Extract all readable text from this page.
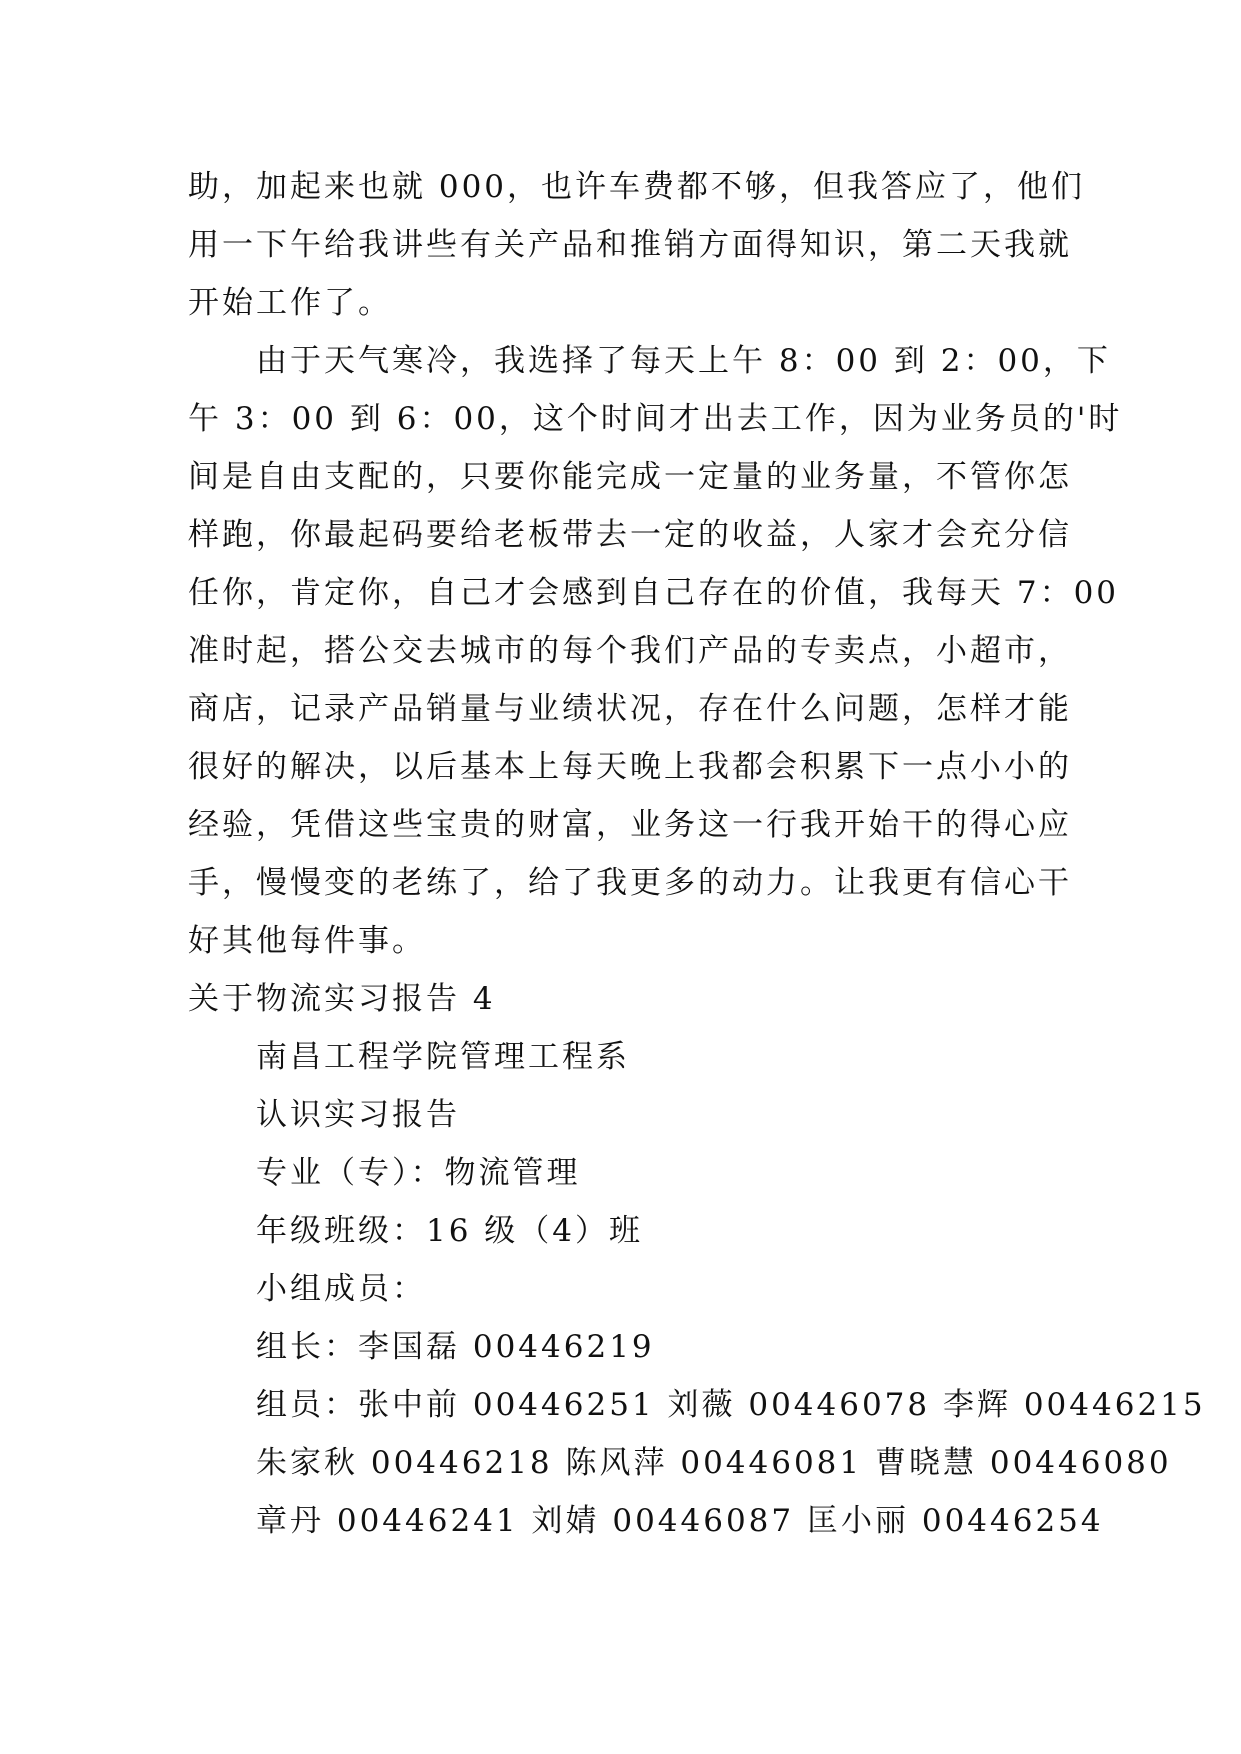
助，加起来也就 000，也许车费都不够，但我答应了，他们
用一下午给我讲些有关产品和推销方面得知识，第二天我就
开始工作了。
由于天气寒冷，我选择了每天上午 8：00 到 2：00，下
午 3：00 到 6：00，这个时间才出去工作，因为业务员的'时
间是自由支配的，只要你能完成一定量的业务量，不管你怎
样跑，你最起码要给老板带去一定的收益，人家才会充分信
任你，肯定你，自己才会感到自己存在的价值，我每天 7：00
准时起，搭公交去城市的每个我们产品的专卖点，小超市，
商店，记录产品销量与业绩状况，存在什么问题，怎样才能
很好的解决，以后基本上每天晚上我都会积累下一点小小的
经验，凭借这些宝贵的财富，业务这一行我开始干的得心应
手，慢慢变的老练了，给了我更多的动力。让我更有信心干
好其他每件事。
关于物流实习报告 4
南昌工程学院管理工程系
认识实习报告
专业（专）：物流管理
年级班级：16 级（4）班
小组成员：
组长：李国磊 00446219
组员：张中前 00446251 刘薇 00446078 李辉 00446215
朱家秋 00446218 陈风萍 00446081 曹晓慧 00446080
章丹 00446241 刘婧 00446087 匡小丽 00446254
